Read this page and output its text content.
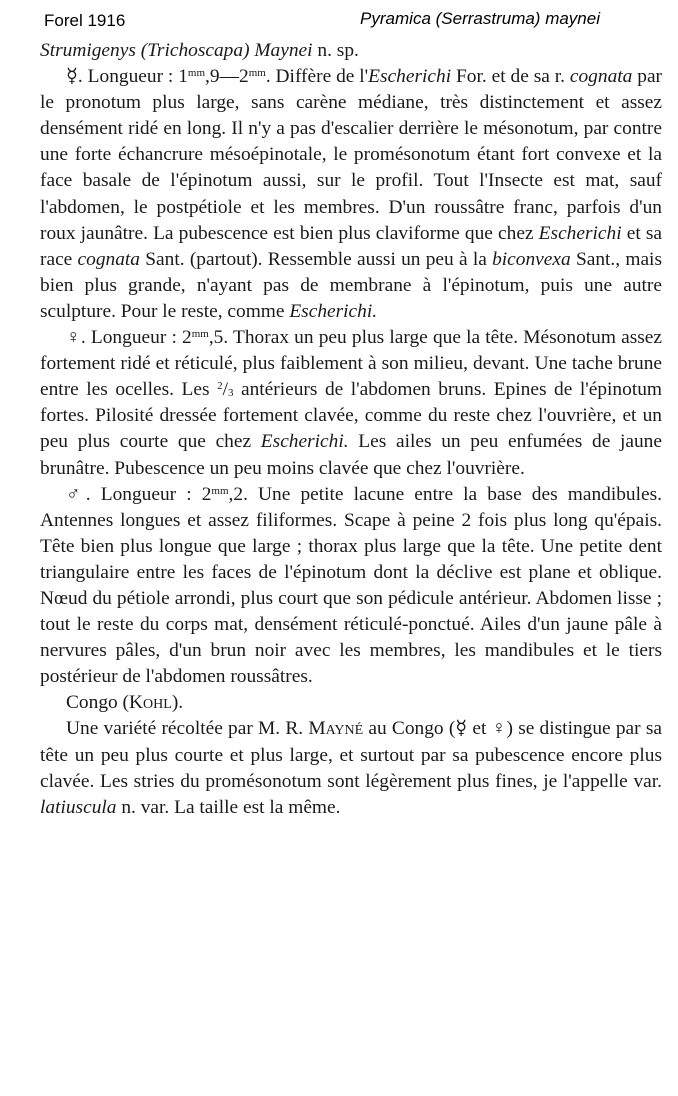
Forel 1916	Pyramica (Serrastruma) maynei

Strumigenys (Trichoscapa) Maynei n. sp.

☿. Longueur : $1^{mm},9—2^{mm}$. Diffère de l'Escherichi For. et de sa r. cognata par le pronotum plus large, sans carène médiane, très distinctement et assez densément ridé en long. Il n'y a pas d'escalier derrière le mésonotum, par contre une forte échancrure mésoépinotale, le promésonotum étant fort convexe et la face basale de l'épinotum aussi, sur le profil. Tout l'Insecte est mat, sauf l'abdomen, le postpétiole et les membres. D'un roussâtre franc, parfois d'un roux jaunâtre. La pubescence est bien plus claviforme que chez Escherichi et sa race cognata Sant. (partout). Ressemble aussi un peu à la biconvexa Sant., mais bien plus grande, n'ayant pas de membrane à l'épinotum, puis une autre sculpture. Pour le reste, comme Escherichi.

♀. Longueur : $2^{mm},5$. Thorax un peu plus large que la tête. Mésonotum assez fortement ridé et réticulé, plus faiblement à son milieu, devant. Une tache brune entre les ocelles. Les $^2/_3$ antérieurs de l'abdomen bruns. Epines de l'épinotum fortes. Pilosité dressée fortement clavée, comme du reste chez l'ouvrière, et un peu plus courte que chez Escherichi. Les ailes un peu enfumées de jaune brunâtre. Pubescence un peu moins clavée que chez l'ouvrière.

♂. Longueur : $2^{mm},2$. Une petite lacune entre la base des mandibules. Antennes longues et assez filiformes. Scape à peine 2 fois plus long qu'épais. Tête bien plus longue que large ; thorax plus large que la tête. Une petite dent triangulaire entre les faces de l'épinotum dont la déclive est plane et oblique. Nœud du pétiole arrondi, plus court que son pédicule antérieur. Abdomen lisse ; tout le reste du corps mat, densément réticulé-ponctué. Ailes d'un jaune pâle à nervures pâles, d'un brun noir avec les membres, les mandibules et le tiers postérieur de l'abdomen roussâtres.

Congo (Kohl).

Une variété récoltée par M. R. Mayné au Congo (☿ et ♀) se distingue par sa tête un peu plus courte et plus large, et surtout par sa pubescence encore plus clavée. Les stries du promésonotum sont légèrement plus fines, je l'appelle var. latiuscula n. var. La taille est la même.
